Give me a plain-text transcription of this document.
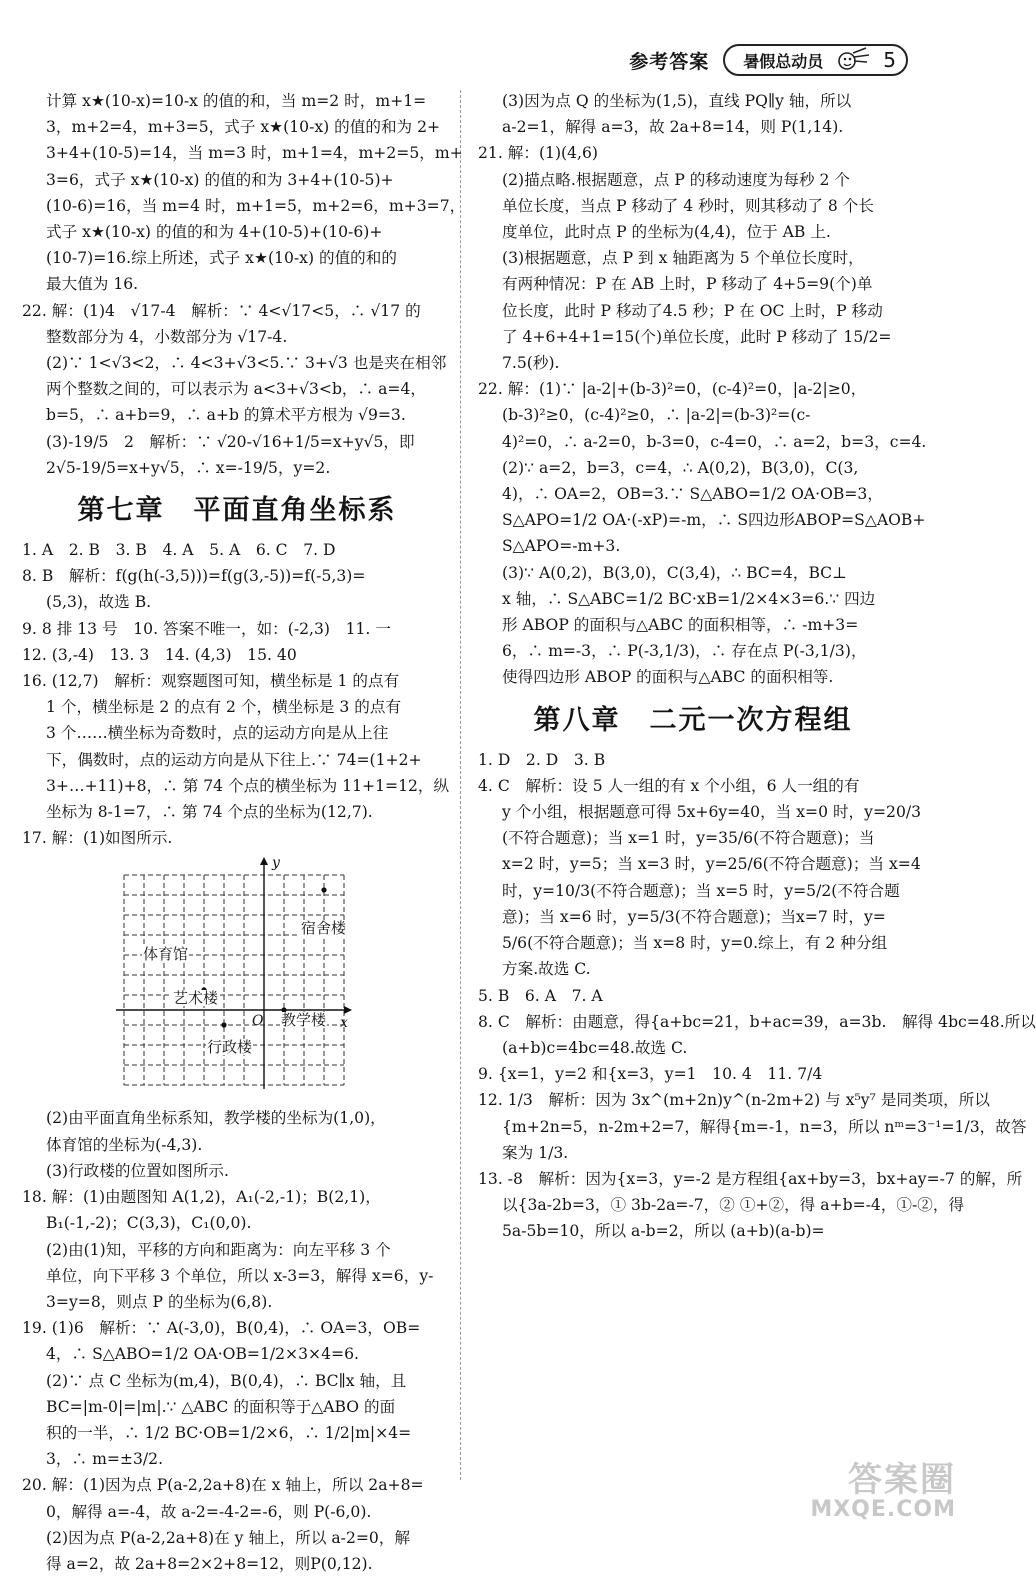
参考答案 暑假总动员	5
计算 x★(10-x)=10-x 的值的和，当 m=2 时，m+1=
3，m+2=4，m+3=5，式子 x★(10-x) 的值的和为 2+
3+4+(10-5)=14，当 m=3 时，m+1=4，m+2=5，m+
3=6，式子 x★(10-x) 的值的和为 3+4+(10-5)+
(10-6)=16，当 m=4 时，m+1=5，m+2=6，m+3=7，
式子 x★(10-x) 的值的和为 4+(10-5)+(10-6)+
(10-7)=16.综上所述，式子 x★(10-x) 的值的和的
最大值为 16.
22. 解：(1)4　√17-4　解析：∵ 4<√17<5，∴ √17 的
整数部分为 4，小数部分为 √17-4.
(2)∵ 1<√3<2，∴ 4<3+√3<5.∵ 3+√3 也是夹在相邻
两个整数之间的，可以表示为 a<3+√3<b，∴ a=4，
b=5，∴ a+b=9，∴ a+b 的算术平方根为 √9=3.
(3)-19/5　2　解析：∵ √20-√16+1/5=x+y√5，即
2√5-19/5=x+y√5，∴ x=-19/5，y=2.
第七章　平面直角坐标系
1. A　2. B　3. B　4. A　5. A　6. C　7. D
8. B　解析：f(g(h(-3,5)))=f(g(3,-5))=f(-5,3)=
(5,3)，故选 B.
9. 8 排 13 号　10. 答案不唯一，如：(-2,3)　11. 一
12. (3,-4)　13. 3　14. (4,3)　15. 40
16. (12,7)　解析：观察题图可知，横坐标是 1 的点有
1 个，横坐标是 2 的点有 2 个，横坐标是 3 的点有
3 个……横坐标为奇数时，点的运动方向是从上往
下，偶数时，点的运动方向是从下往上.∵ 74=(1+2+
3+…+11)+8，∴ 第 74 个点的横坐标为 11+1=12，纵
坐标为 8-1=7，∴ 第 74 个点的坐标为(12,7).
17. 解：(1)如图所示.
宿舍楼
体育馆
艺术楼
教学楼
行政楼
O	x
y
(2)由平面直角坐标系知，教学楼的坐标为(1,0)，
体育馆的坐标为(-4,3).
(3)行政楼的位置如图所示.
18. 解：(1)由题图知 A(1,2)，A₁(-2,-1)；B(2,1)，
B₁(-1,-2)；C(3,3)，C₁(0,0).
(2)由(1)知，平移的方向和距离为：向左平移 3 个
单位，向下平移 3 个单位，所以 x-3=3，解得 x=6，y-
3=y=8，则点 P 的坐标为(6,8).
19. (1)6　解析：∵ A(-3,0)，B(0,4)，∴ OA=3，OB=
4，∴ S△ABO=1/2 OA·OB=1/2×3×4=6.
(2)∵ 点 C 坐标为(m,4)，B(0,4)，∴ BC∥x 轴，且
BC=|m-0|=|m|.∵ △ABC 的面积等于△ABO 的面
积的一半，∴ 1/2 BC·OB=1/2×6，∴ 1/2|m|×4=
3，∴ m=±3/2.
20. 解：(1)因为点 P(a-2,2a+8)在 x 轴上，所以 2a+8=
0，解得 a=-4，故 a-2=-4-2=-6，则 P(-6,0).
(2)因为点 P(a-2,2a+8)在 y 轴上，所以 a-2=0，解
得 a=2，故 2a+8=2×2+8=12，则P(0,12).
(3)因为点 Q 的坐标为(1,5)，直线 PQ∥y 轴，所以
a-2=1，解得 a=3，故 2a+8=14，则 P(1,14).
21. 解：(1)(4,6)
(2)描点略.根据题意，点 P 的移动速度为每秒 2 个
单位长度，当点 P 移动了 4 秒时，则其移动了 8 个长
度单位，此时点 P 的坐标为(4,4)，位于 AB 上.
(3)根据题意，点 P 到 x 轴距离为 5 个单位长度时，
有两种情况：P 在 AB 上时，P 移动了 4+5=9(个)单
位长度，此时 P 移动了4.5 秒；P 在 OC 上时，P 移动
了 4+6+4+1=15(个)单位长度，此时 P 移动了 15/2=
7.5(秒).
22. 解：(1)∵ |a-2|+(b-3)²=0，(c-4)²=0，|a-2|≥0，
(b-3)²≥0，(c-4)²≥0，∴ |a-2|=(b-3)²=(c-
4)²=0，∴ a-2=0，b-3=0，c-4=0，∴ a=2，b=3，c=4.
(2)∵ a=2，b=3，c=4，∴ A(0,2)，B(3,0)，C(3,
4)，∴ OA=2，OB=3.∵ S△ABO=1/2 OA·OB=3，
S△APO=1/2 OA·(-xP)=-m，∴ S四边形ABOP=S△AOB+
S△APO=-m+3.
(3)∵ A(0,2)，B(3,0)，C(3,4)，∴ BC=4，BC⊥
x 轴，∴ S△ABC=1/2 BC·xB=1/2×4×3=6.∵ 四边
形 ABOP 的面积与△ABC 的面积相等，∴ -m+3=
6，∴ m=-3，∴ P(-3,1/3)，∴ 存在点 P(-3,1/3)，
使得四边形 ABOP 的面积与△ABC 的面积相等.
第八章　二元一次方程组
1. D　2. D　3. B
4. C　解析：设 5 人一组的有 x 个小组，6 人一组的有
y 个小组，根据题意可得 5x+6y=40，当 x=0 时，y=20/3
(不符合题意)；当 x=1 时，y=35/6(不符合题意)；当
x=2 时，y=5；当 x=3 时，y=25/6(不符合题意)；当 x=4
时，y=10/3(不符合题意)；当 x=5 时，y=5/2(不符合题
意)；当 x=6 时，y=5/3(不符合题意)；当x=7 时，y=
5/6(不符合题意)；当 x=8 时，y=0.综上，有 2 种分组
方案.故选 C.
5. B　6. A　7. A
8. C　解析：由题意，得{a+bc=21，b+ac=39，a=3b.　解得 4bc=48.所以
(a+b)c=4bc=48.故选 C.
9. {x=1，y=2 和{x=3，y=1　10. 4　11. 7/4
12. 1/3　解析：因为 3x^(m+2n)y^(n-2m+2) 与 x⁵y⁷ 是同类项，所以
{m+2n=5，n-2m+2=7，解得{m=-1，n=3，所以 nᵐ=3⁻¹=1/3，故答
案为 1/3.
13. -8　解析：因为{x=3，y=-2 是方程组{ax+by=3，bx+ay=-7 的解，所
以{3a-2b=3，① 3b-2a=-7，② ①+②，得 a+b=-4，①-②，得
5a-5b=10，所以 a-b=2，所以 (a+b)(a-b)=
答案圈
MXQE.COM
